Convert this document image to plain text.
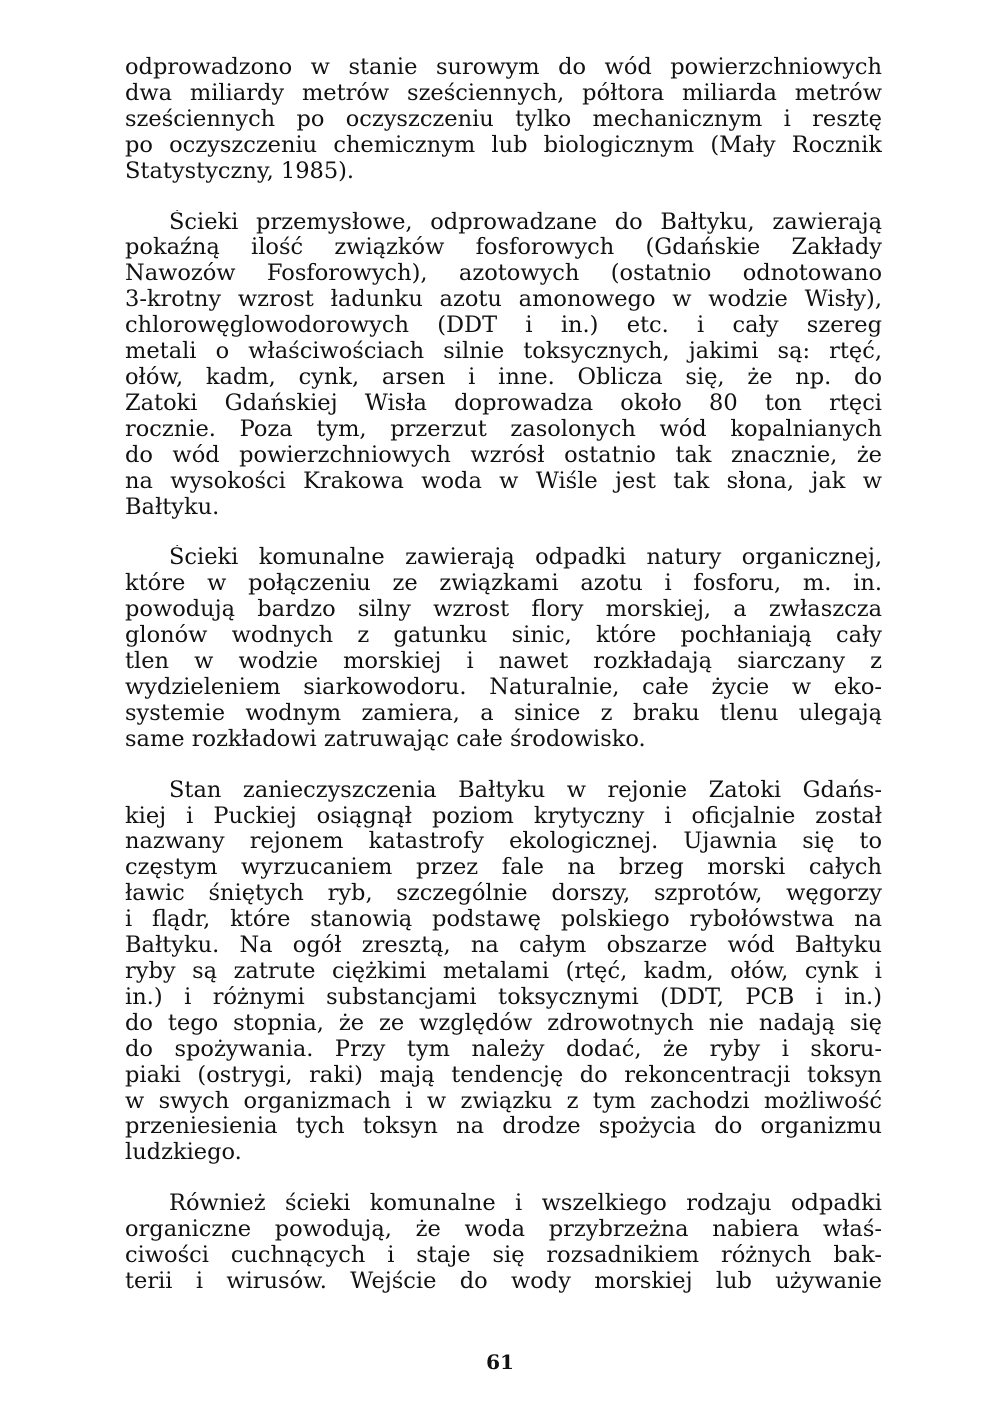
odprowadzono w stanie surowym do wód powierzchniowych
dwa miliardy metrów sześciennych, półtora miliarda metrów
sześciennych po oczyszczeniu tylko mechanicznym i resztę
po oczyszczeniu chemicznym lub biologicznym (Mały Rocznik
Statystyczny, 1985).

Ścieki przemysłowe, odprowadzane do Bałtyku, zawierają
pokaźną ilość związków fosforowych (Gdańskie Zakłady
Nawozów Fosforowych), azotowych (ostatnio odnotowano
3-krotny wzrost ładunku azotu amonowego w wodzie Wisły),
chlorowęglowodorowych (DDT i in.) etc. i cały szereg
metali o właściwościach silnie toksycznych, jakimi są: rtęć,
ołów, kadm, cynk, arsen i inne. Oblicza się, że np. do
Zatoki Gdańskiej Wisła doprowadza około 80 ton rtęci
rocznie. Poza tym, przerzut zasolonych wód kopalnianych
do wód powierzchniowych wzrósł ostatnio tak znacznie, że
na wysokości Krakowa woda w Wiśle jest tak słona, jak w
Bałtyku.

Ścieki komunalne zawierają odpadki natury organicznej,
które w połączeniu ze związkami azotu i fosforu, m. in.
powodują bardzo silny wzrost flory morskiej, a zwłaszcza
glonów wodnych z gatunku sinic, które pochłaniają cały
tlen w wodzie morskiej i nawet rozkładają siarczany z
wydzieleniem siarkowodoru. Naturalnie, całe życie w eko-
systemie wodnym zamiera, a sinice z braku tlenu ulegają
same rozkładowi zatruwając całe środowisko.

Stan zanieczyszczenia Bałtyku w rejonie Zatoki Gdańs-
kiej i Puckiej osiągnął poziom krytyczny i oficjalnie został
nazwany rejonem katastrofy ekologicznej. Ujawnia się to
częstym wyrzucaniem przez fale na brzeg morski całych
ławic śniętych ryb, szczególnie dorszy, szprotów, węgorzy
i flądr, które stanowią podstawę polskiego rybołówstwa na
Bałtyku. Na ogół zresztą, na całym obszarze wód Bałtyku
ryby są zatrute ciężkimi metalami (rtęć, kadm, ołów, cynk i
in.) i różnymi substancjami toksycznymi (DDT, PCB i in.)
do tego stopnia, że ze względów zdrowotnych nie nadają się
do spożywania. Przy tym należy dodać, że ryby i skoru-
piaki (ostrygi, raki) mają tendencję do rekoncentracji toksyn
w swych organizmach i w związku z tym zachodzi możliwość
przeniesienia tych toksyn na drodze spożycia do organizmu
ludzkiego.

Również ścieki komunalne i wszelkiego rodzaju odpadki
organiczne powodują, że woda przybrzeżna nabiera właś-
ciwości cuchnących i staje się rozsadnikiem różnych bak-
terii i wirusów. Wejście do wody morskiej lub używanie

61
